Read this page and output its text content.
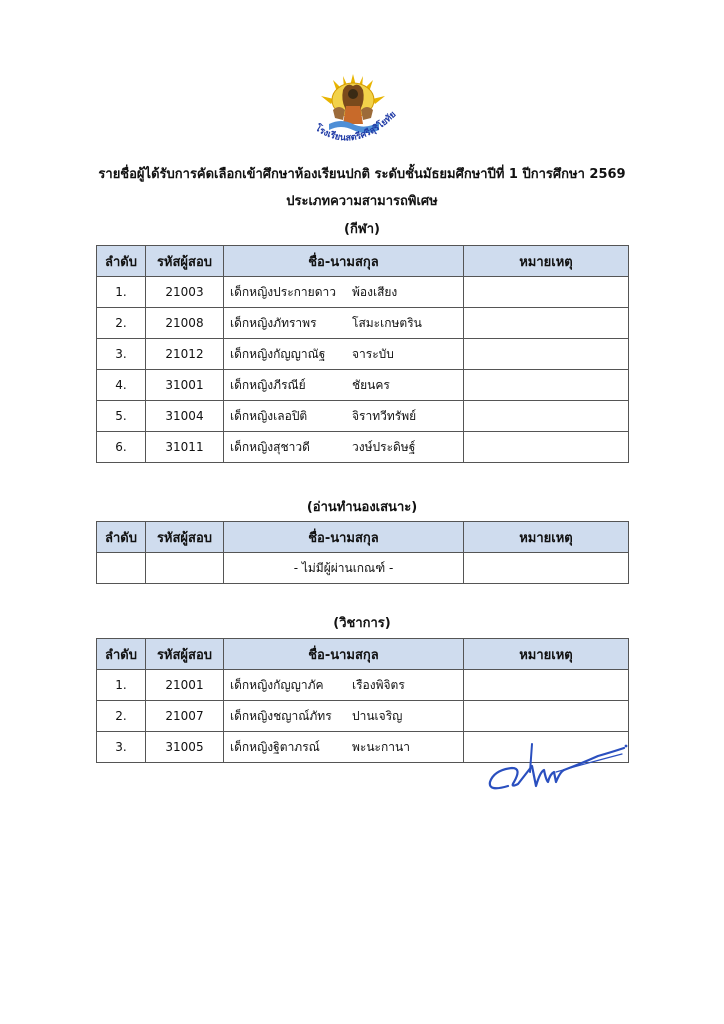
โรงเรียนสตรีศรีสุริโยทัย
รายชื่อผู้ได้รับการคัดเลือกเข้าศึกษาห้องเรียนปกติ ระดับชั้นมัธยมศึกษาปีที่ 1 ปีการศึกษา 2569
ประเภทความสามารถพิเศษ
(กีฬา)
ลำดับ	รหัสผู้สอบ	ชื่อ-นามสกุล	หมายเหตุ
1.	21003	เด็กหญิงประกายดาว พ้องเสียง	
2.	21008	เด็กหญิงภัทราพร โสมะเกษตริน	
3.	21012	เด็กหญิงกัญญาณัฐ จาระบับ	
4.	31001	เด็กหญิงภีรณีย์ ชัยนคร	
5.	31004	เด็กหญิงเลอปิติ จิราทวีทรัพย์	
6.	31011	เด็กหญิงสุชาวดี วงษ์ประดิษฐ์	
(อ่านทำนองเสนาะ)
ลำดับ	รหัสผู้สอบ	ชื่อ-นามสกุล	หมายเหตุ
		- ไม่มีผู้ผ่านเกณฑ์ -	
(วิชาการ)
ลำดับ	รหัสผู้สอบ	ชื่อ-นามสกุล	หมายเหตุ
1.	21001	เด็กหญิงกัญญาภัค เรืองพิจิตร	
2.	21007	เด็กหญิงชญาณ์ภัทร ปานเจริญ	
3.	31005	เด็กหญิงฐิตาภรณ์ พะนะกานา	
